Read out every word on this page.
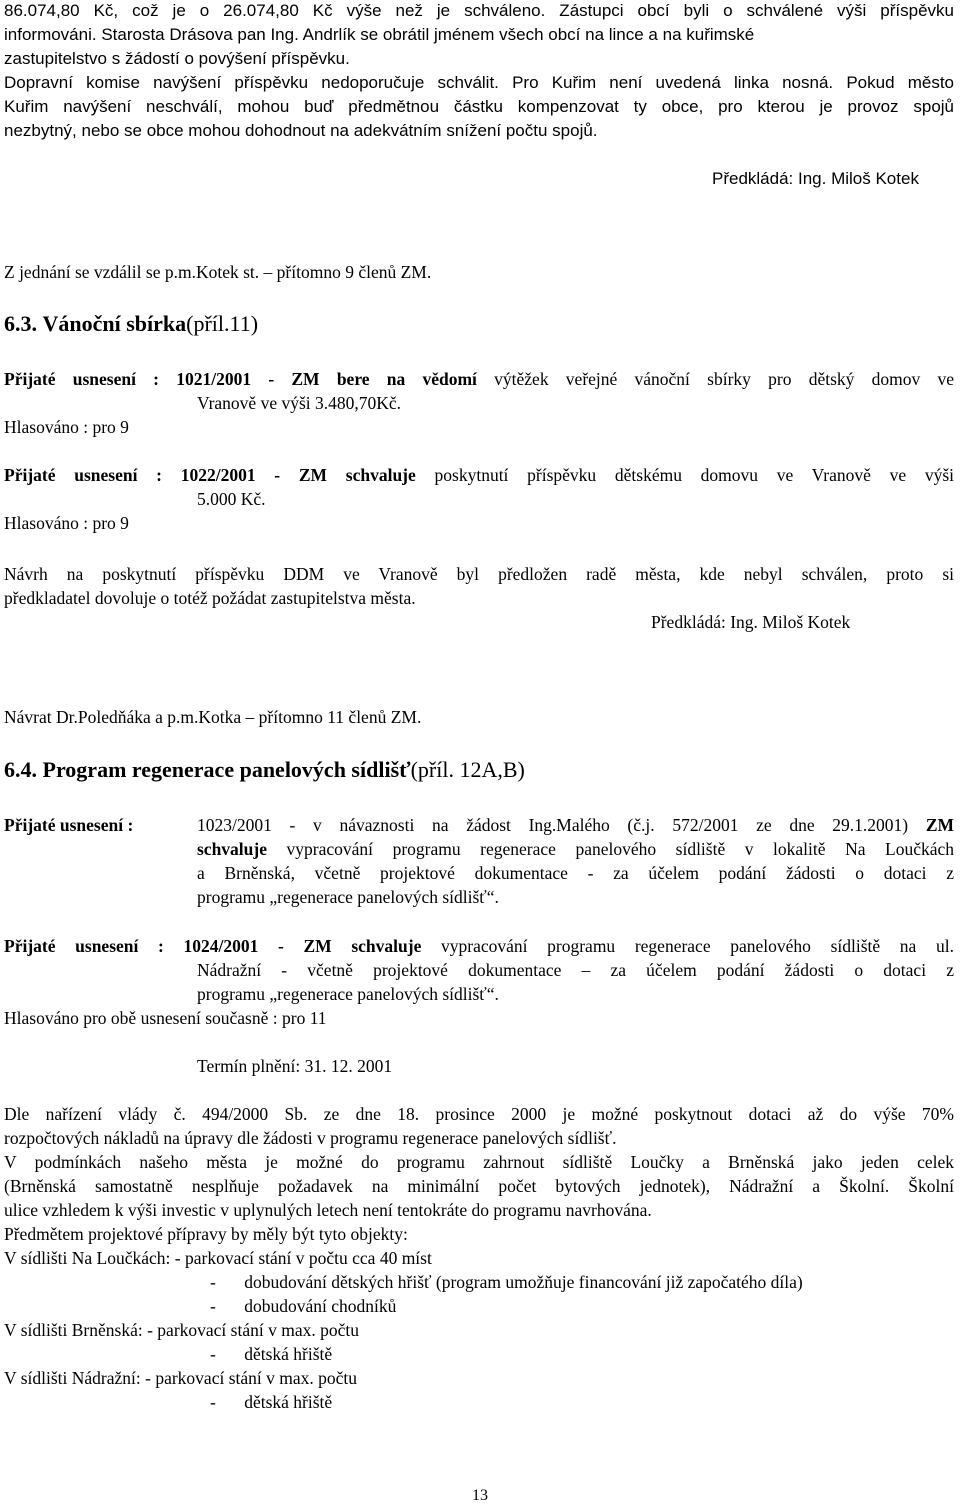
86.074,80 Kč, což je o 26.074,80 Kč výše než je schváleno. Zástupci obcí byli o schválené výši příspěvku
informováni. Starosta Drásova pan Ing. Andrlík se obrátil jménem všech obcí na lince a na kuřimské
zastupitelstvo s žádostí o povýšení příspěvku.
Dopravní komise navýšení příspěvku nedoporučuje schválit. Pro Kuřim není uvedená linka nosná. Pokud město
Kuřim navýšení neschválí, mohou buď předmětnou částku kompenzovat ty obce, pro kterou je provoz spojů
nezbytný, nebo se obce mohou dohodnout na adekvátním snížení počtu spojů.
Předkládá: Ing. Miloš Kotek
Z jednání se vzdálil se p.m.Kotek st. – přítomno 9 členů ZM.
6.3. Vánoční sbírka(příl.11)
Přijaté usnesení : 1021/2001 - ZM bere na vědomí výtěžek veřejné vánoční sbírky pro dětský domov ve
Vranově ve výši 3.480,70Kč.
Hlasováno : pro 9
Přijaté usnesení : 1022/2001 - ZM schvaluje poskytnutí příspěvku dětskému domovu ve Vranově ve výši
5.000 Kč.
Hlasováno : pro 9
Návrh na poskytnutí příspěvku DDM ve Vranově byl předložen radě města, kde nebyl schválen, proto si
předkladatel dovoluje o totéž požádat zastupitelstva města.
Předkládá: Ing. Miloš Kotek
Návrat Dr.Poledňáka a p.m.Kotka – přítomno 11 členů ZM.
6.4. Program regenerace panelových sídlišť(příl. 12A,B)
Přijaté usnesení :	1023/2001 - v návaznosti na žádost Ing.Malého (č.j. 572/2001 ze dne 29.1.2001) ZM
schvaluje vypracování programu regenerace panelového sídliště v lokalitě Na Loučkách
a Brněnská, včetně projektové dokumentace - za účelem podání žádosti o dotaci z
programu „regenerace panelových sídlišť“.
Přijaté usnesení : 1024/2001 - ZM schvaluje vypracování programu regenerace panelového sídliště na ul.
Nádražní - včetně projektové dokumentace – za účelem podání žádosti o dotaci z
programu „regenerace panelových sídlišť“.
Hlasováno pro obě usnesení současně : pro 11
Termín plnění: 31. 12. 2001
Dle nařízení vlády č. 494/2000 Sb. ze dne 18. prosince 2000 je možné poskytnout dotaci až do výše 70%
rozpočtových nákladů na úpravy dle žádosti v programu regenerace panelových sídlišť.
V podmínkách našeho města je možné do programu zahrnout sídliště Loučky a Brněnská jako jeden celek
(Brněnská samostatně nesplňuje požadavek na minimální počet bytových jednotek), Nádražní a Školní. Školní
ulice vzhledem k výši investic v uplynulých letech není tentokráte do programu navrhována.
Předmětem projektové přípravy by měly být tyto objekty:
V sídlišti Na Loučkách: - parkovací stání v počtu cca 40 míst
- dobudování dětských hřišť (program umožňuje financování již započatého díla)
- dobudování chodníků
V sídlišti Brněnská: - parkovací stání v max. počtu
- dětská hřiště
V sídlišti Nádražní: - parkovací stání v max. počtu
- dětská hřiště
13
